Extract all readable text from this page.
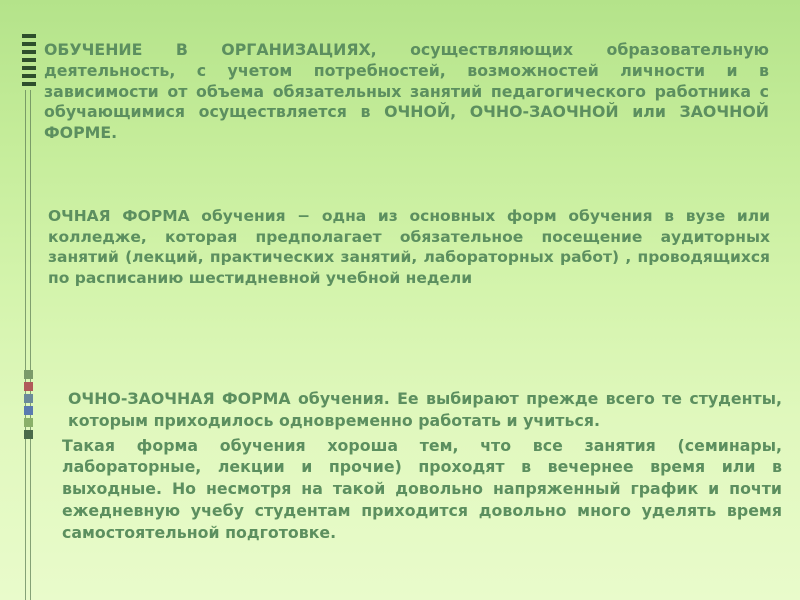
ОБУЧЕНИЕ В ОРГАНИЗАЦИЯХ, осуществляющих образовательную деятельность, с учетом потребностей, возможностей личности и в зависимости от объема обязательных занятий педагогического работника с обучающимися осуществляется в ОЧНОЙ, ОЧНО-ЗАОЧНОЙ или ЗАОЧНОЙ ФОРМЕ.

ОЧНАЯ ФОРМА обучения − одна из основных форм обучения в вузе или колледже, которая предполагает обязательное посещение аудиторных занятий (лекций, практических занятий, лабораторных работ) , проводящихся по расписанию шестидневной учебной недели

ОЧНО-ЗАОЧНАЯ ФОРМА обучения. Ее выбирают прежде всего те студенты, которым приходилось одновременно работать и учиться.

Такая форма обучения хороша тем, что все занятия (семинары, лабораторные, лекции и прочие) проходят в вечернее время или в выходные. Но несмотря на такой довольно напряженный график и почти ежедневную учебу студентам приходится довольно много уделять время самостоятельной подготовке.
